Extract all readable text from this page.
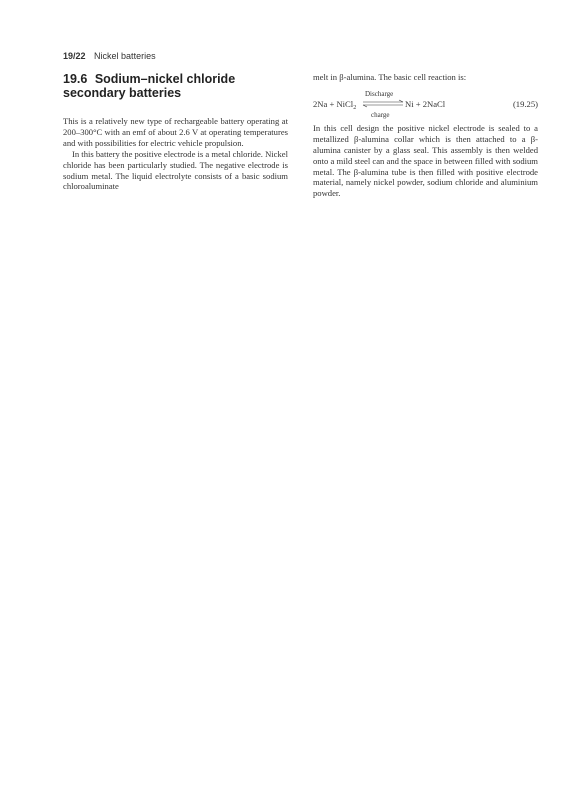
19/22 Nickel batteries
19.6 Sodium–nickel chloride
secondary batteries

This is a relatively new type of rechargeable battery operating at 200–300°C with an emf of about 2.6 V at operating temperatures and with possibilities for electric vehicle propulsion.

In this battery the positive electrode is a metal chloride. Nickel chloride has been particularly studied. The negative electrode is sodium metal. The liquid electrolyte consists of a basic sodium chloroaluminate

melt in β-alumina. The basic cell reaction is:

Discharge
2Na + NiCl$_2$	Ni + 2NaCl
charge
(19.25)

In this cell design the positive nickel electrode is sealed to a metallized β-alumina collar which is then attached to a β-alumina canister by a glass seal. This assembly is then welded onto a mild steel can and the space in between filled with sodium metal. The β-alumina tube is then filled with positive electrode material, namely nickel powder, sodium chloride and aluminium powder.
